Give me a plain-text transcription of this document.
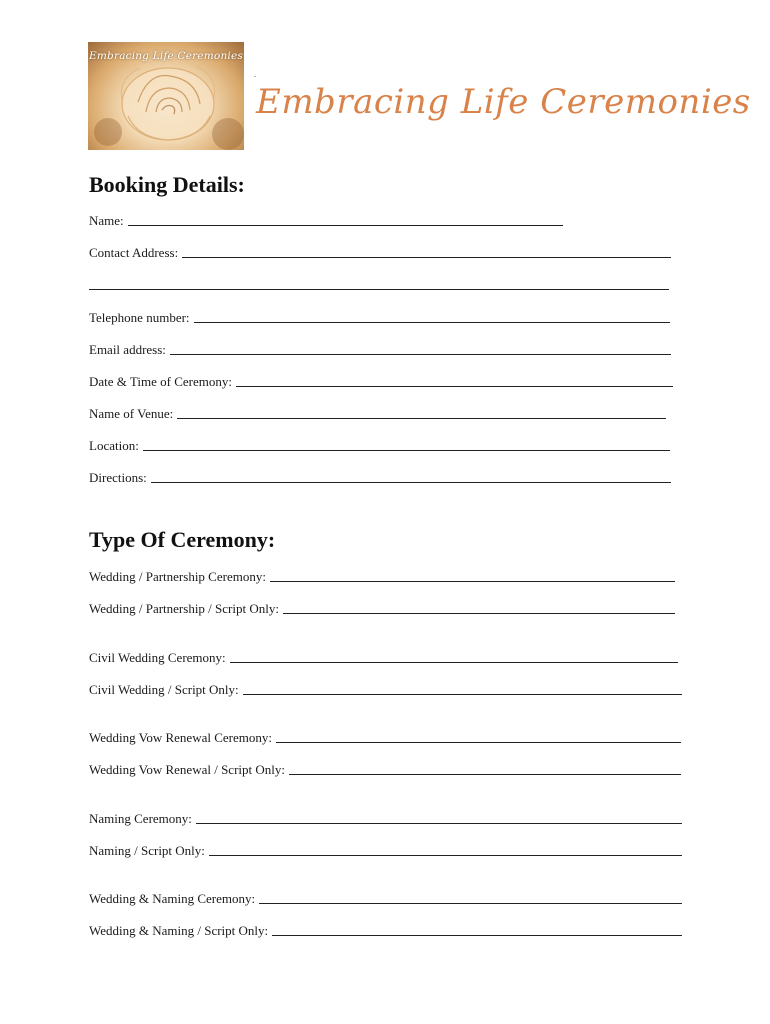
Embracing Life Ceremonies
.
Embracing Life Ceremonies
Booking Details:
Name:
Contact Address:
Telephone number:
Email address:
Date & Time of Ceremony:
Name of Venue:
Location:
Directions:
Type Of Ceremony:
Wedding / Partnership Ceremony:
Wedding / Partnership / Script Only:
Civil Wedding Ceremony:
Civil Wedding / Script Only:
Wedding Vow Renewal Ceremony:
Wedding Vow Renewal / Script Only:
Naming Ceremony:
Naming / Script Only:
Wedding & Naming Ceremony:
Wedding & Naming / Script Only:
